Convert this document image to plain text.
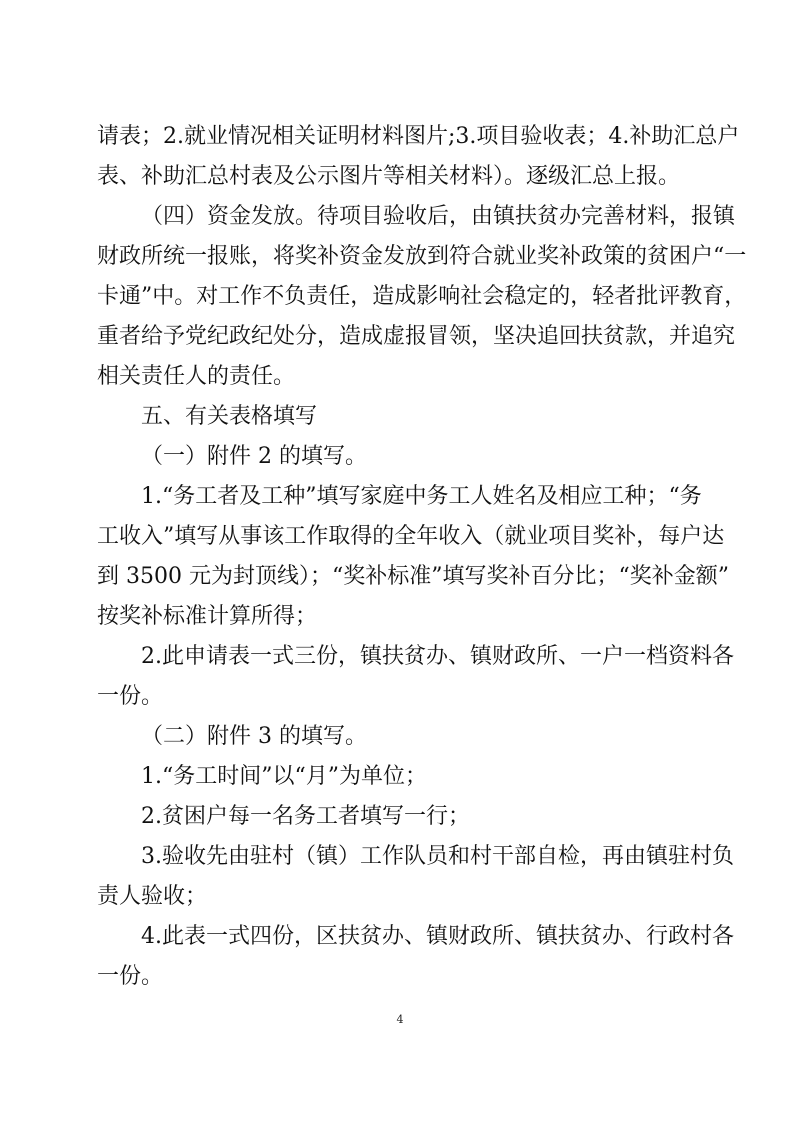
请表；2.就业情况相关证明材料图片;3.项目验收表；4.补助汇总户
表、补助汇总村表及公示图片等相关材料）。逐级汇总上报。
（四）资金发放。待项目验收后，由镇扶贫办完善材料，报镇
财政所统一报账，将奖补资金发放到符合就业奖补政策的贫困户“一
卡通”中。对工作不负责任，造成影响社会稳定的，轻者批评教育，
重者给予党纪政纪处分，造成虚报冒领，坚决追回扶贫款，并追究
相关责任人的责任。
五、有关表格填写
（一）附件 2 的填写。
1.“务工者及工种”填写家庭中务工人姓名及相应工种；“务
工收入”填写从事该工作取得的全年收入（就业项目奖补，每户达
到 3500 元为封顶线）；“奖补标准”填写奖补百分比；“奖补金额”
按奖补标准计算所得；
2.此申请表一式三份，镇扶贫办、镇财政所、一户一档资料各
一份。
（二）附件 3 的填写。
1.“务工时间”以“月”为单位；
2.贫困户每一名务工者填写一行；
3.验收先由驻村（镇）工作队员和村干部自检，再由镇驻村负
责人验收；
4.此表一式四份，区扶贫办、镇财政所、镇扶贫办、行政村各
一份。
4
